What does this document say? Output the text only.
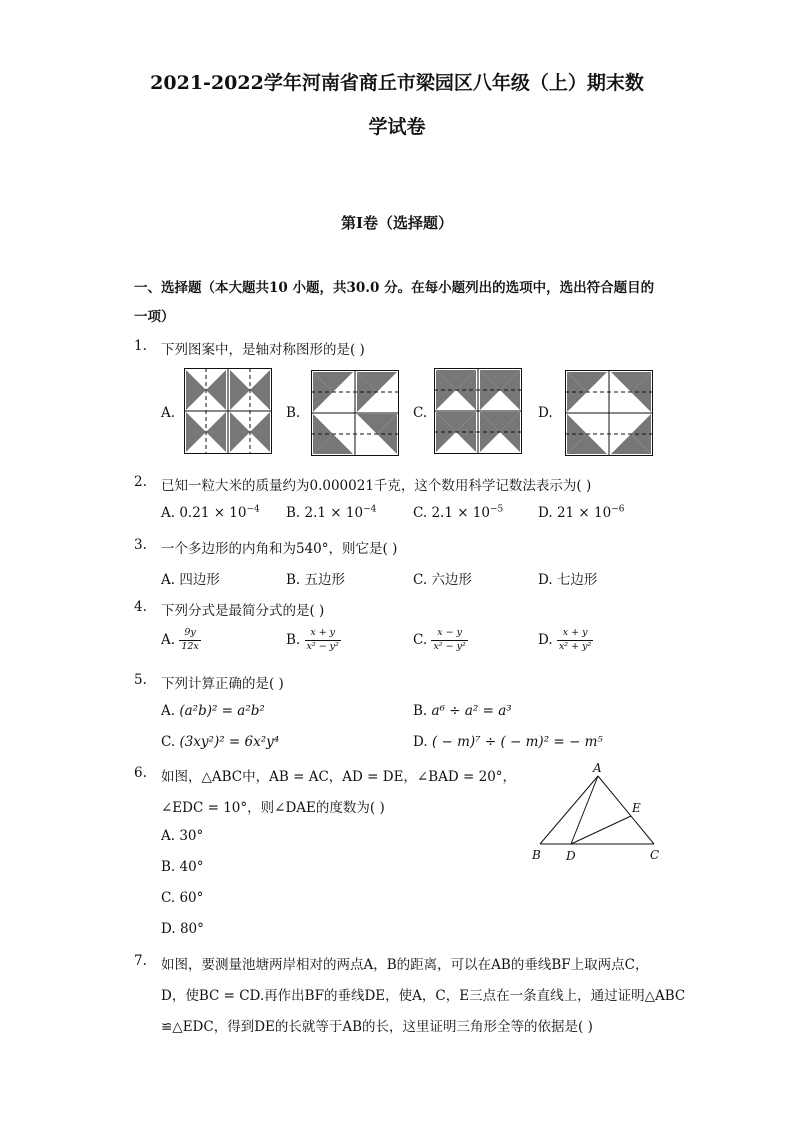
2021-2022学年河南省商丘市梁园区八年级（上）期末数
学试卷
第Ⅰ卷（选择题）
一、选择题（本大题共10 小题，共30.0 分。在每小题列出的选项中，选出符合题目的
一项）
1. 下列图案中，是轴对称图形的是( )
A.	B.	C.	D.
2. 已知一粒大米的质量约为0.000021千克，这个数用科学记数法表示为( )
A. $0.21 \times 10^{-4}$ B. $2.1 \times 10^{-4}$	C. $2.1 \times 10^{-5}$	D. $21 \times 10^{-6}$
3. 一个多边形的内角和为540°，则它是( )
A. 四边形	B. 五边形	C. 六边形	D. 七边形
4. 下列分式是最简分式的是( )
A. $\frac{9y}{12x}$	B. $\frac{x + y}{\text{x² − y²}}$	C. $\frac{x - y}{\text{x² − y²}}$	D. $\frac{x + y}{\text{x² + y²}}$
5. 下列计算正确的是( )
A. (a²b)² = a²b²	B. a⁶ ÷ a² = a³
C. (3xy²)² = 6x²y⁴	D. ( − m)⁷ ÷ ( − m)² = − m⁵
6. 如图，△ABC中，AB = AC，AD = DE，∠BAD = 20°，
∠EDC = 10°，则∠DAE的度数为( )
A. 30°
B. 40°
C. 60°
D. 80°
A
B	C
D
E
7. 如图，要测量池塘两岸相对的两点A，B的距离，可以在AB的垂线BF上取两点C，
D，使BC = CD.再作出BF的垂线DE，使A，C，E三点在一条直线上，通过证明△ABC
≌△EDC，得到DE的长就等于AB的长，这里证明三角形全等的依据是( )
